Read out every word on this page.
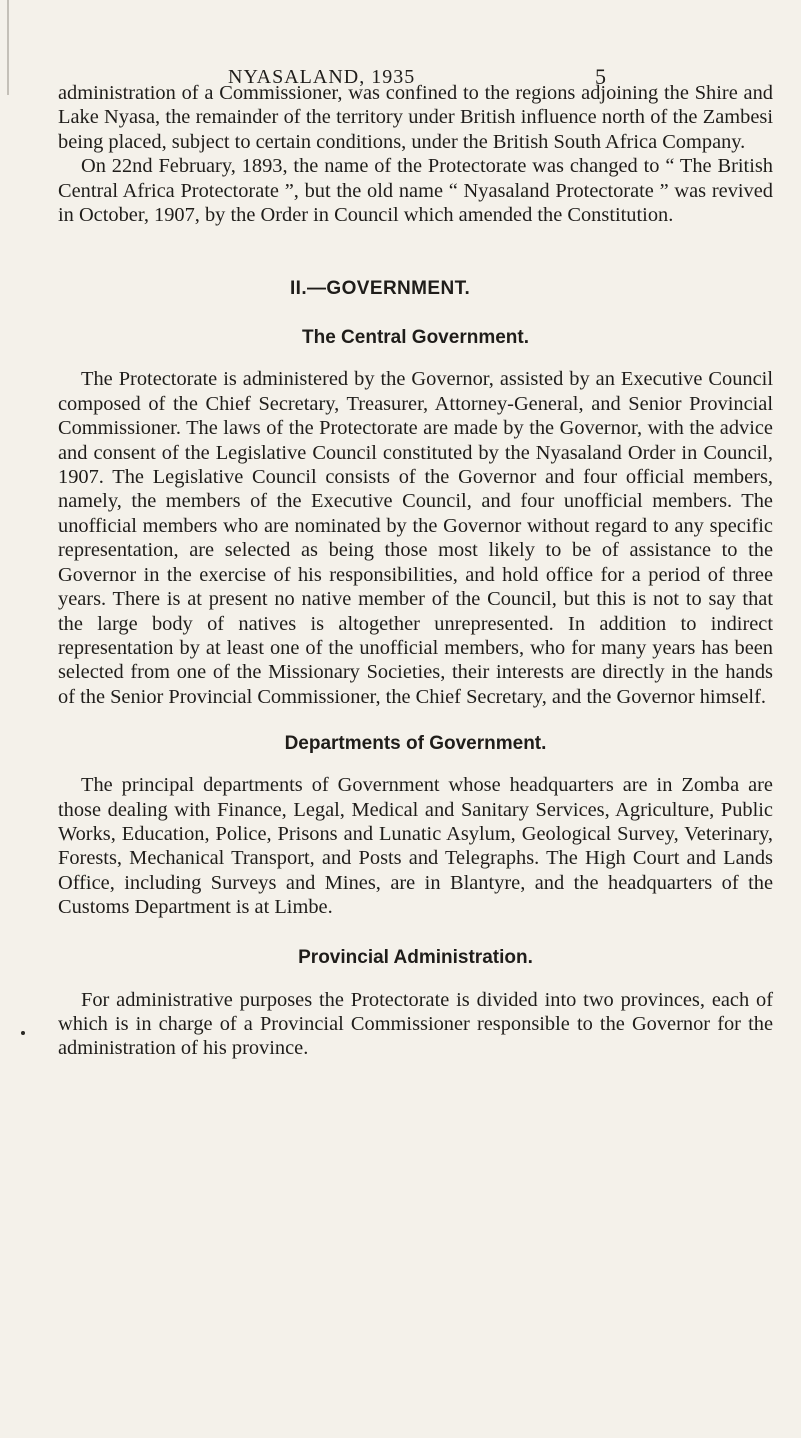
NYASALAND, 1935	5

administration of a Commissioner, was confined to the regions adjoining the Shire and Lake Nyasa, the remainder of the territory under British influence north of the Zambesi being placed, subject to certain conditions, under the British South Africa Company.

On 22nd February, 1893, the name of the Protectorate was changed to “ The British Central Africa Protectorate ”, but the old name “ Nyasaland Protectorate ” was revived in October, 1907, by the Order in Council which amended the Constitution.

II.—GOVERNMENT.
The Central Government.

The Protectorate is administered by the Governor, assisted by an Executive Council composed of the Chief Secretary, Treasurer, Attorney-General, and Senior Provincial Commissioner. The laws of the Protectorate are made by the Governor, with the advice and consent of the Legislative Council constituted by the Nyasaland Order in Council, 1907. The Legislative Council consists of the Governor and four official members, namely, the members of the Executive Council, and four unofficial members. The unofficial members who are nominated by the Governor without regard to any specific representation, are selected as being those most likely to be of assistance to the Governor in the exercise of his responsibilities, and hold office for a period of three years. There is at present no native member of the Council, but this is not to say that the large body of natives is altogether unrepresented. In addition to indirect representation by at least one of the unofficial members, who for many years has been selected from one of the Missionary Societies, their interests are directly in the hands of the Senior Provincial Commissioner, the Chief Secretary, and the Governor himself.

Departments of Government.

The principal departments of Government whose headquarters are in Zomba are those dealing with Finance, Legal, Medical and Sanitary Services, Agriculture, Public Works, Education, Police, Prisons and Lunatic Asylum, Geological Survey, Veterinary, Forests, Mechanical Transport, and Posts and Telegraphs. The High Court and Lands Office, including Surveys and Mines, are in Blantyre, and the headquarters of the Customs Department is at Limbe.

Provincial Administration.

For administrative purposes the Protectorate is divided into two provinces, each of which is in charge of a Provincial Commissioner responsible to the Governor for the administration of his province.
